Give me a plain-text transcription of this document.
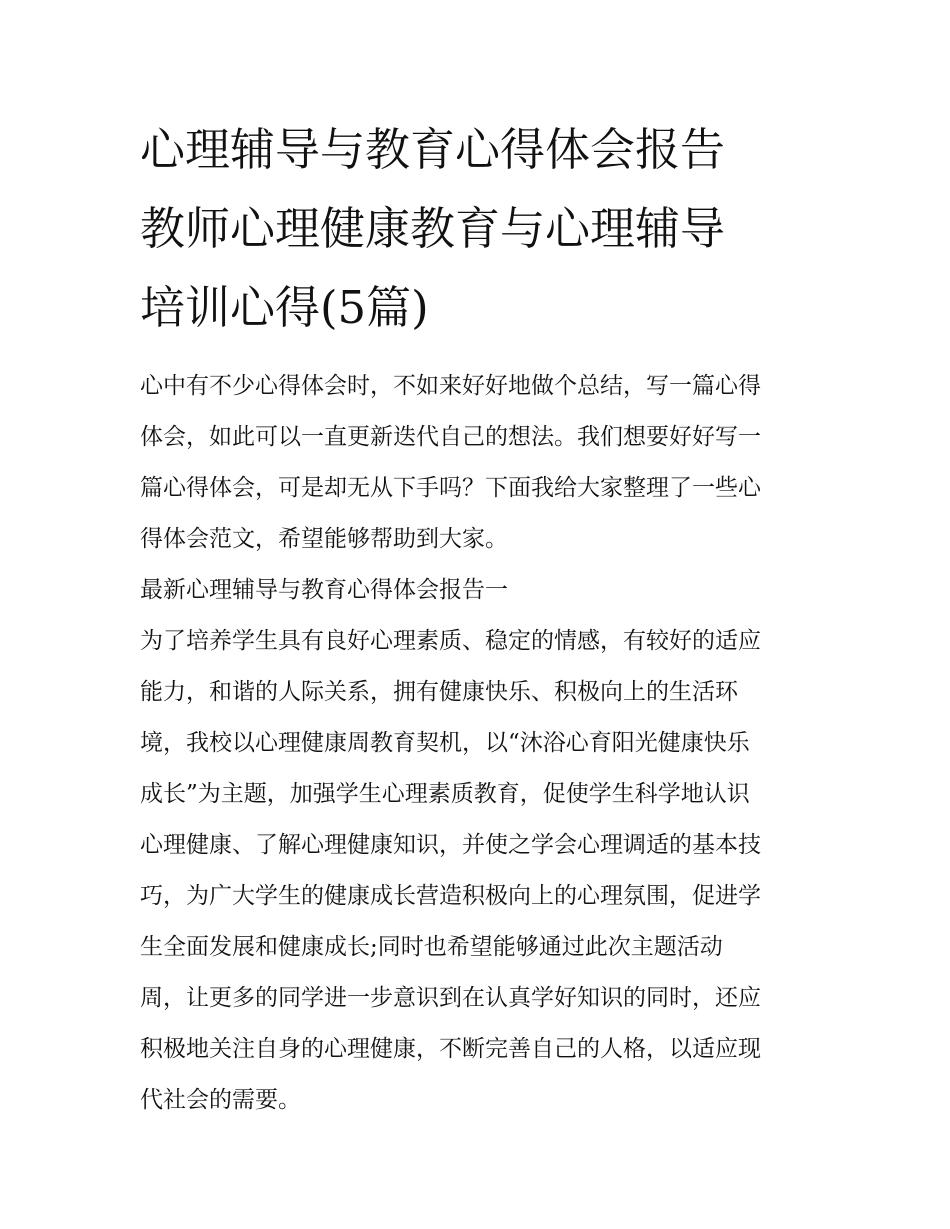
心理辅导与教育心得体会报告
教师心理健康教育与心理辅导
培训心得(5篇)

心中有不少心得体会时，不如来好好地做个总结，写一篇心得
体会，如此可以一直更新迭代自己的想法。我们想要好好写一
篇心得体会，可是却无从下手吗？下面我给大家整理了一些心
得体会范文，希望能够帮助到大家。

最新心理辅导与教育心得体会报告一

为了培养学生具有良好心理素质、稳定的情感，有较好的适应
能力，和谐的人际关系，拥有健康快乐、积极向上的生活环
境，我校以心理健康周教育契机，以“沐浴心育阳光健康快乐
成长”为主题，加强学生心理素质教育，促使学生科学地认识
心理健康、了解心理健康知识，并使之学会心理调适的基本技
巧，为广大学生的健康成长营造积极向上的心理氛围，促进学
生全面发展和健康成长;同时也希望能够通过此次主题活动
周，让更多的同学进一步意识到在认真学好知识的同时，还应
积极地关注自身的心理健康，不断完善自己的人格，以适应现
代社会的需要。
